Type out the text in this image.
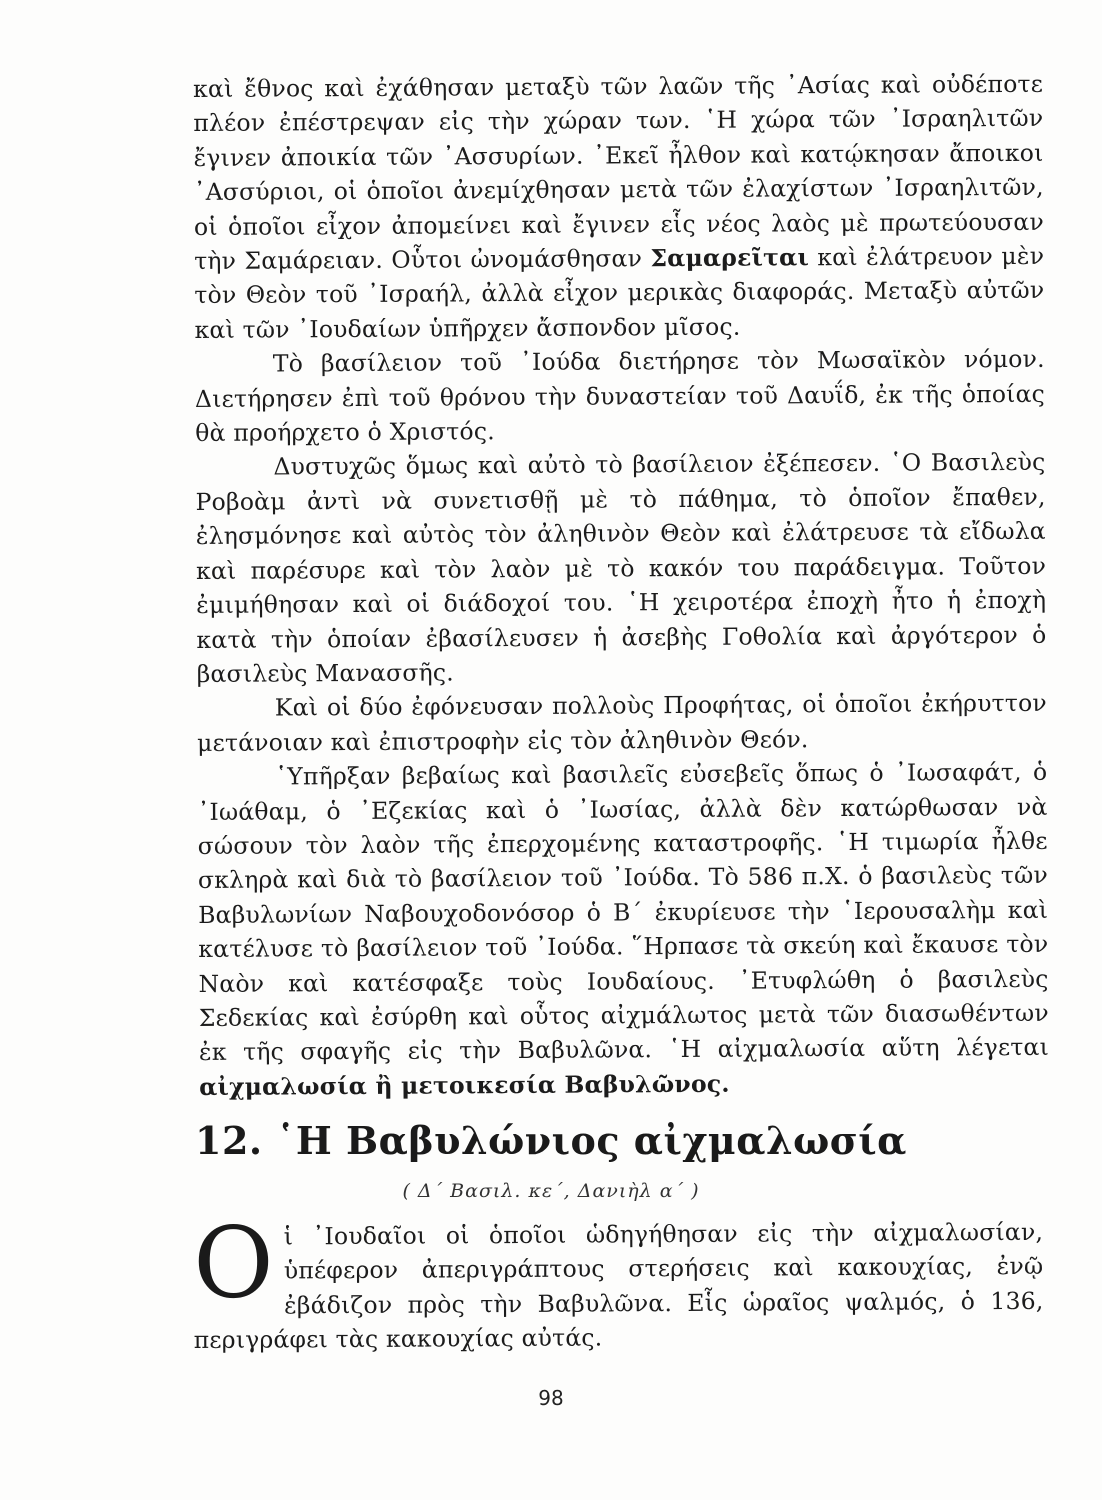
καὶ ἔθνος καὶ ἐχάθησαν μεταξὺ τῶν λαῶν τῆς ᾿Ασίας καὶ οὐδέποτε πλέον ἐπέστρεψαν εἰς τὴν χώραν των. ῾Η χώρα τῶν ᾿Ισραηλιτῶν ἔγινεν ἀποικία τῶν ᾿Ασσυρίων. ᾿Εκεῖ ἦλθον καὶ κατῴκησαν ἄποικοι ᾿Ασσύριοι, οἱ ὁποῖοι ἀνεμίχθησαν μετὰ τῶν ἐλαχίστων ᾿Ισραηλιτῶν, οἱ ὁποῖοι εἶχον ἀπομείνει καὶ ἔγινεν εἷς νέος λαὸς μὲ πρωτεύουσαν τὴν Σαμάρειαν. Οὗτοι ὠνομάσθησαν Σαμαρεῖται καὶ ἐλάτρευον μὲν τὸν Θεὸν τοῦ ᾿Ισραήλ, ἀλλὰ εἶχον μερικὰς διαφοράς. Μεταξὺ αὐτῶν καὶ τῶν ᾿Ιουδαίων ὑπῆρχεν ἄσπονδον μῖσος.

Τὸ βασίλειον τοῦ ᾿Ιούδα διετήρησε τὸν Μωσαϊκὸν νόμον. Διετήρησεν ἐπὶ τοῦ θρόνου τὴν δυναστείαν τοῦ Δαυΐδ, ἐκ τῆς ὁποίας θὰ προήρχετο ὁ Χριστός.

Δυστυχῶς ὅμως καὶ αὐτὸ τὸ βασίλειον ἐξέπεσεν. ῾Ο Βασιλεὺς Ροβοὰμ ἀντὶ νὰ συνετισθῇ μὲ τὸ πάθημα, τὸ ὁποῖον ἔπαθεν, ἐλησμόνησε καὶ αὐτὸς τὸν ἀληθινὸν Θεὸν καὶ ἐλάτρευσε τὰ εἴδωλα καὶ παρέσυρε καὶ τὸν λαὸν μὲ τὸ κακόν του παράδειγμα. Τοῦτον ἐμιμήθησαν καὶ οἱ διάδοχοί του. ῾Η χειροτέρα ἐποχὴ ἦτο ἡ ἐποχὴ κατὰ τὴν ὁποίαν ἐβασίλευσεν ἡ ἀσεβὴς Γοθολία καὶ ἀργότερον ὁ βασιλεὺς Μανασσῆς.

Καὶ οἱ δύο ἐφόνευσαν πολλοὺς Προφήτας, οἱ ὁποῖοι ἐκήρυττον μετάνοιαν καὶ ἐπιστροφὴν εἰς τὸν ἀληθινὸν Θεόν.

῾Υπῆρξαν βεβαίως καὶ βασιλεῖς εὐσεβεῖς ὅπως ὁ ᾿Ιωσαφάτ, ὁ ᾿Ιωάθαμ, ὁ ᾿Εζεκίας καὶ ὁ ᾿Ιωσίας, ἀλλὰ δὲν κατώρθωσαν νὰ σώσουν τὸν λαὸν τῆς ἐπερχομένης καταστροφῆς. ῾Η τιμωρία ἦλθε σκληρὰ καὶ διὰ τὸ βασίλειον τοῦ ᾿Ιούδα. Τὸ 586 π.Χ. ὁ βασιλεὺς τῶν Βαβυλωνίων Ναβουχοδονόσορ ὁ Β΄ ἐκυρίευσε τὴν ῾Ιερουσαλὴμ καὶ κατέλυσε τὸ βασίλειον τοῦ ᾿Ιούδα. ῞Ηρπασε τὰ σκεύη καὶ ἔκαυσε τὸν Ναὸν καὶ κατέσφαξε τοὺς Ιουδαίους. ᾿Ετυφλώθη ὁ βασιλεὺς Σεδεκίας καὶ ἐσύρθη καὶ οὗτος αἰχμάλωτος μετὰ τῶν διασωθέντων ἐκ τῆς σφαγῆς εἰς τὴν Βαβυλῶνα. ῾Η αἰχμαλωσία αὕτη λέγεται αἰχμαλωσία ἢ μετοικεσία Βαβυλῶνος.

12. ῾Η Βαβυλώνιος αἰχμαλωσία
( Δ΄ Βασιλ. κε΄, Δανιὴλ α΄ )
Oἱ ᾿Ιουδαῖοι οἱ ὁποῖοι ὡδηγήθησαν εἰς τὴν αἰχμαλωσίαν, ὑπέφερον ἀπεριγράπτους στερήσεις καὶ κακουχίας, ἐνῷ ἐβάδιζον πρὸς τὴν Βαβυλῶνα. Εἷς ὡραῖος ψαλμός, ὁ 136, περιγράφει τὰς κακουχίας αὐτάς.
98
